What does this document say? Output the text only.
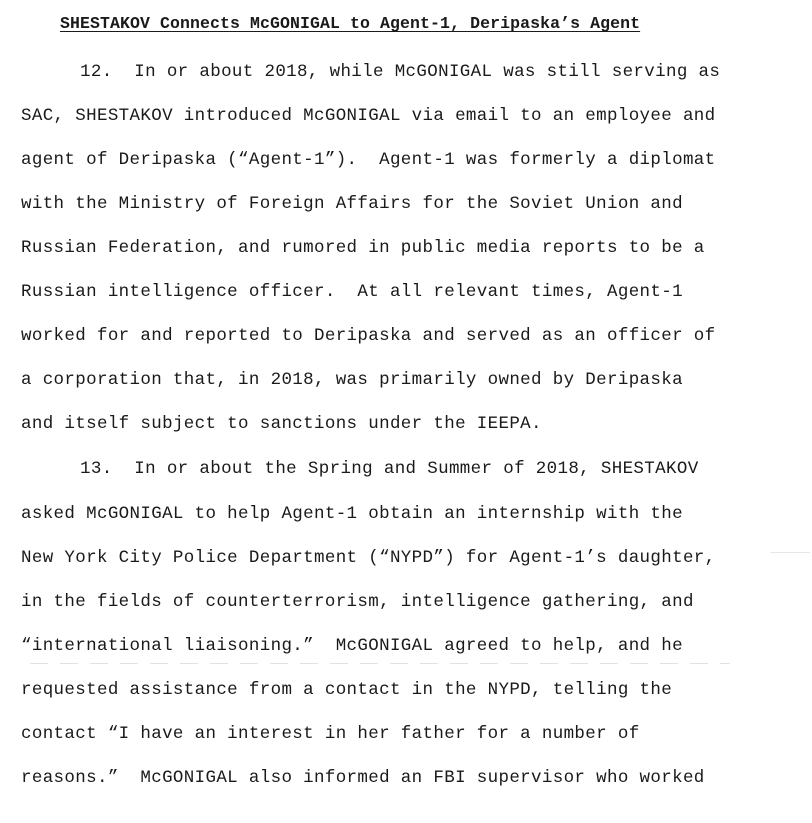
SHESTAKOV Connects McGONIGAL to Agent-1, Deripaska’s Agent

12.  In or about 2018, while McGONIGAL was still serving as

SAC, SHESTAKOV introduced McGONIGAL via email to an employee and

agent of Deripaska (“Agent-1”).  Agent-1 was formerly a diplomat

with the Ministry of Foreign Affairs for the Soviet Union and

Russian Federation, and rumored in public media reports to be a

Russian intelligence officer.  At all relevant times, Agent-1

worked for and reported to Deripaska and served as an officer of

a corporation that, in 2018, was primarily owned by Deripaska

and itself subject to sanctions under the IEEPA.

13.  In or about the Spring and Summer of 2018, SHESTAKOV

asked McGONIGAL to help Agent-1 obtain an internship with the

New York City Police Department (“NYPD”) for Agent-1’s daughter,

in the fields of counterterrorism, intelligence gathering, and

“international liaisoning.”  McGONIGAL agreed to help, and he

requested assistance from a contact in the NYPD, telling the

contact “I have an interest in her father for a number of

reasons.”  McGONIGAL also informed an FBI supervisor who worked
